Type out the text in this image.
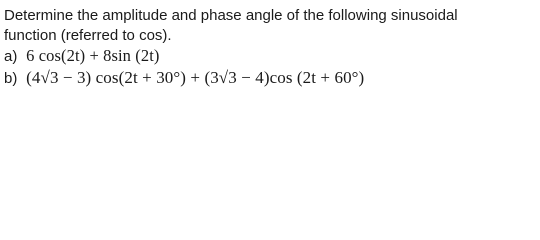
Determine the amplitude and phase angle of the following sinusoidal
function (referred to cos).
a) 6 cos(2t) + 8sin (2t)
b) (4√3 − 3) cos(2t + 30°) + (3√3 − 4)cos (2t + 60°)
